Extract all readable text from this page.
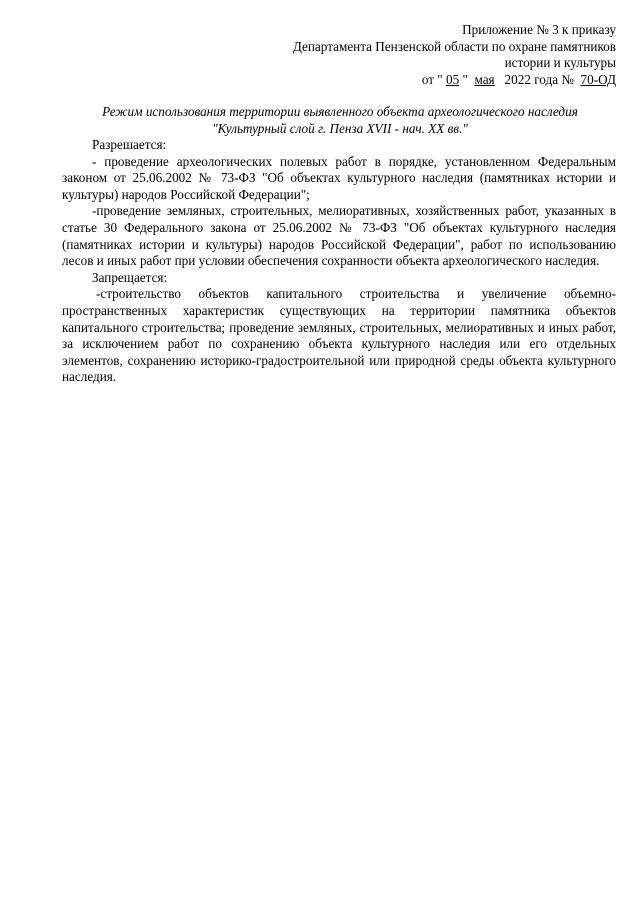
Приложение № 3 к приказу
Департамента Пензенской области по охране памятников
истории и культуры
от " 05 " мая 2022 года № 70-ОД
Режим использования территории выявленного объекта археологического наследия
"Культурный слой г. Пенза XVII - нач. XX вв."
Разрешается:
- проведение археологических полевых работ в порядке, установленном Федеральным законом от 25.06.2002 № 73-ФЗ "Об объектах культурного наследия (памятниках истории и культуры) народов Российской Федерации";
-проведение земляных, строительных, мелиоративных, хозяйственных работ, указанных в статье 30 Федерального закона от 25.06.2002 № 73-ФЗ "Об объектах культурного наследия (памятниках истории и культуры) народов Российской Федерации", работ по использованию лесов и иных работ при условии обеспечения сохранности объекта археологического наследия.
Запрещается:
-строительство объектов капитального строительства и увеличение объемно-пространственных характеристик существующих на территории памятника объектов капитального строительства; проведение земляных, строительных, мелиоративных и иных работ, за исключением работ по сохранению объекта культурного наследия или его отдельных элементов, сохранению историко-градостроительной или природной среды объекта культурного наследия.
